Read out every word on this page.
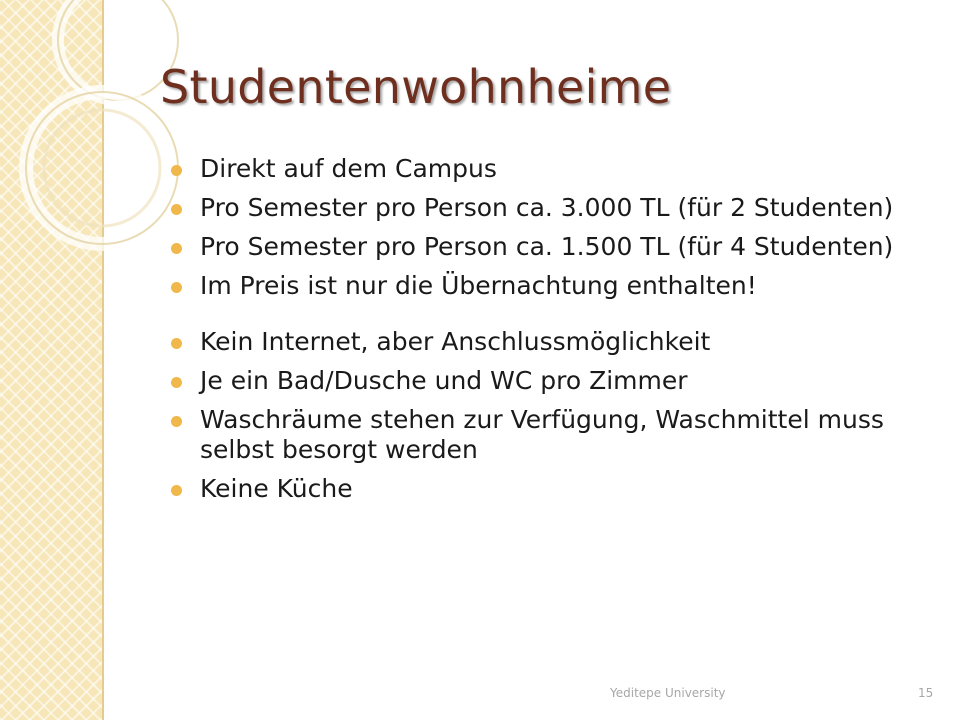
Studentenwohnheime
Direkt auf dem Campus
Pro Semester pro Person ca. 3.000 TL (für 2 Studenten)
Pro Semester pro Person ca. 1.500 TL (für 4 Studenten)
Im Preis ist nur die Übernachtung enthalten!
Kein Internet, aber Anschlussmöglichkeit
Je ein Bad/Dusche und WC pro Zimmer
Waschräume stehen zur Verfügung, Waschmittel muss selbst besorgt werden
Keine Küche
Yeditepe University	15
